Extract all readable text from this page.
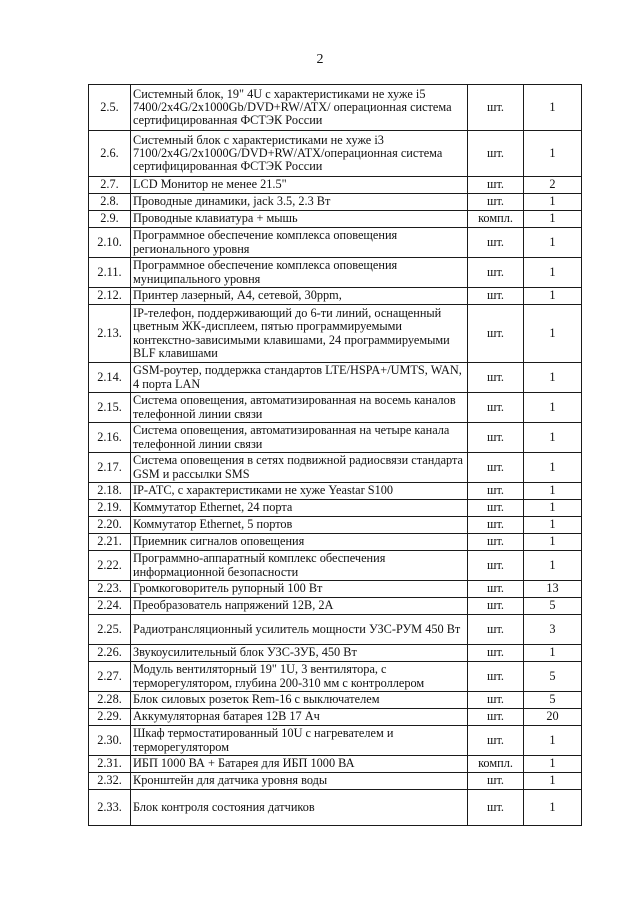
2
2.5.	Системный блок, 19" 4U с характеристиками не хуже i5 7400/2x4G/2x1000Gb/DVD+RW/ATX/ операционная система сертифицированная ФСТЭК России	шт.	1
2.6.	Системный блок с характеристиками не хуже i3 7100/2x4G/2x1000G/DVD+RW/ATX/операционная система сертифицированная ФСТЭК России	шт.	1
2.7.	LCD Монитор не менее 21.5"	шт.	2
2.8.	Проводные динамики, jack 3.5, 2.3 Вт	шт.	1
2.9.	Проводные клавиатура + мышь	компл.	1
2.10.	Программное обеспечение комплекса оповещения регионального уровня	шт.	1
2.11.	Программное обеспечение комплекса оповещения муниципального уровня	шт.	1
2.12.	Принтер лазерный, А4, сетевой, 30ppm,	шт.	1
2.13.	IP-телефон, поддерживающий до 6-ти линий, оснащенный цветным ЖК-дисплеем, пятью программируемыми контекстно-зависимыми клавишами, 24 программируемыми BLF клавишами	шт.	1
2.14.	GSM-роутер, поддержка стандартов LTE/HSPA+/UMTS, WAN, 4 порта LAN	шт.	1
2.15.	Система оповещения, автоматизированная на восемь каналов телефонной линии связи	шт.	1
2.16.	Система оповещения, автоматизированная на четыре канала телефонной линии связи	шт.	1
2.17.	Система оповещения в сетях подвижной радиосвязи стандарта GSM и рассылки SMS	шт.	1
2.18.	IP-АТС, с характеристиками не хуже Yeastar S100	шт.	1
2.19.	Коммутатор Ethernet, 24 порта	шт.	1
2.20.	Коммутатор Ethernet, 5 портов	шт.	1
2.21.	Приемник сигналов оповещения	шт.	1
2.22.	Программно-аппаратный комплекс обеспечения информационной безопасности	шт.	1
2.23.	Громкоговоритель рупорный 100 Вт	шт.	13
2.24.	Преобразователь напряжений 12В, 2А	шт.	5
2.25.	Радиотрансляционный усилитель мощности УЗС-РУМ 450 Вт	шт.	3
2.26.	Звукоусилительный блок УЗС-ЗУБ, 450 Вт	шт.	1
2.27.	Модуль вентиляторный 19" 1U, 3 вентилятора, с терморегулятором, глубина 200-310 мм с контроллером	шт.	5
2.28.	Блок силовых розеток Rem-16 с выключателем	шт.	5
2.29.	Аккумуляторная батарея 12В 17 Ач	шт.	20
2.30.	Шкаф термостатированный 10U с нагревателем и терморегулятором	шт.	1
2.31.	ИБП 1000 ВА + Батарея для ИБП 1000 ВА	компл.	1
2.32.	Кронштейн для датчика уровня воды	шт.	1
2.33.	Блок контроля состояния датчиков	шт.	1
